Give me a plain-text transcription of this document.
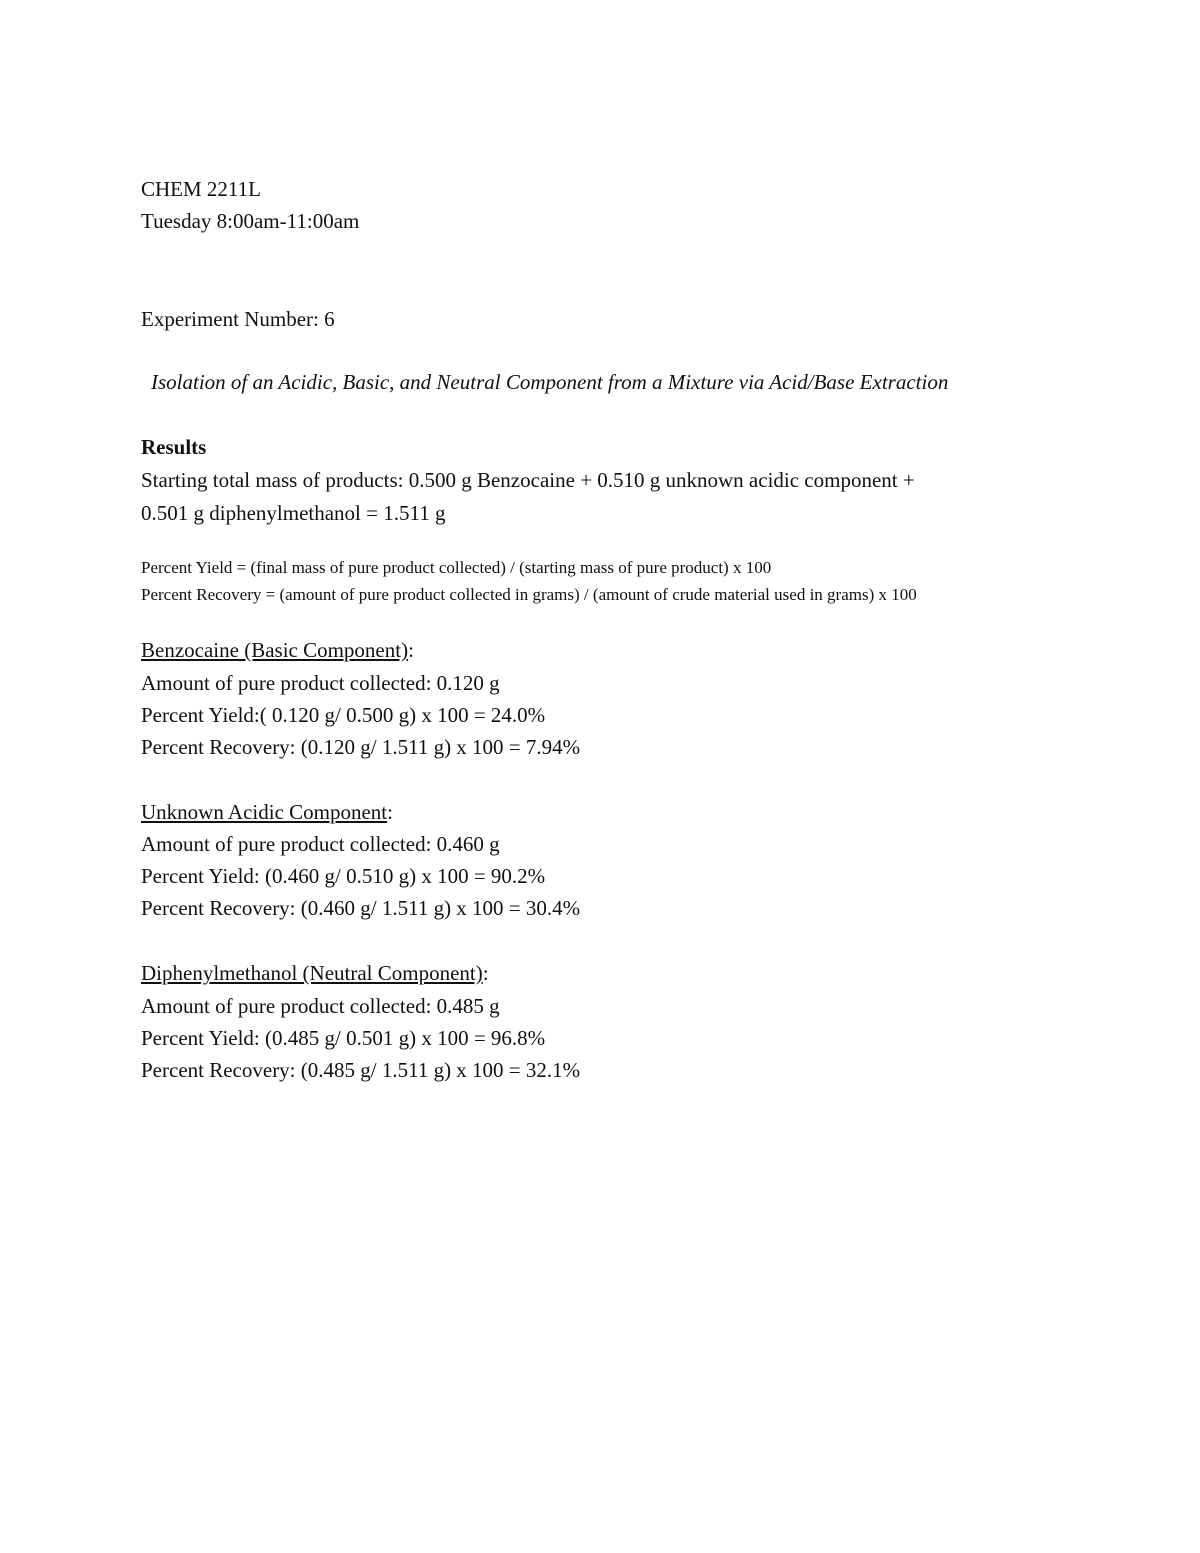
CHEM 2211L
Tuesday 8:00am-11:00am
Experiment Number: 6
Isolation of an Acidic, Basic, and Neutral Component from a Mixture via Acid/Base Extraction
Results
Starting total mass of products: 0.500 g Benzocaine + 0.510 g unknown acidic component +
0.501 g diphenylmethanol = 1.511 g
Percent Yield = (final mass of pure product collected) / (starting mass of pure product) x 100
Percent Recovery = (amount of pure product collected in grams) / (amount of crude material used in grams) x 100
Benzocaine (Basic Component):
Amount of pure product collected: 0.120 g
Percent Yield:( 0.120 g/ 0.500 g) x 100 = 24.0%
Percent Recovery: (0.120 g/ 1.511 g) x 100 = 7.94%
Unknown Acidic Component:
Amount of pure product collected: 0.460 g
Percent Yield: (0.460 g/ 0.510 g) x 100 = 90.2%
Percent Recovery: (0.460 g/ 1.511 g) x 100 = 30.4%
Diphenylmethanol (Neutral Component):
Amount of pure product collected: 0.485 g
Percent Yield: (0.485 g/ 0.501 g) x 100 = 96.8%
Percent Recovery: (0.485 g/ 1.511 g) x 100 = 32.1%
